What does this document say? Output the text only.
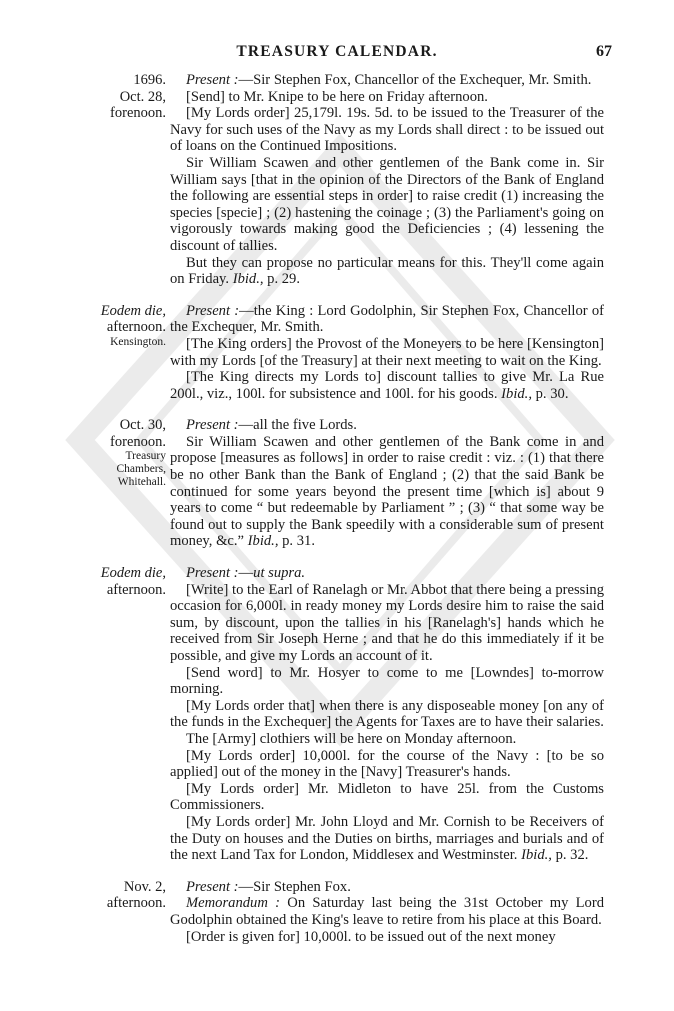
TREASURY CALENDAR.	67
1696.
Oct. 28,
forenoon.

Present :—Sir Stephen Fox, Chancellor of the Exchequer, Mr. Smith.

[Send] to Mr. Knipe to be here on Friday afternoon.

[My Lords order] 25,179l. 19s. 5d. to be issued to the Treasurer of the Navy for such uses of the Navy as my Lords shall direct : to be issued out of loans on the Continued Impositions.

Sir William Scawen and other gentlemen of the Bank come in. Sir William says [that in the opinion of the Directors of the Bank of England the following are essential steps in order] to raise credit (1) increasing the species [specie] ; (2) hastening the coinage ; (3) the Parliament's going on vigorously towards making good the Deficiencies ; (4) lessening the discount of tallies.

But they can propose no particular means for this. They'll come again on Friday. Ibid., p. 29.

Eodem die,
afternoon.
Kensington.

Present :—the King : Lord Godolphin, Sir Stephen Fox, Chancellor of the Exchequer, Mr. Smith.

[The King orders] the Provost of the Moneyers to be here [Kensington] with my Lords [of the Treasury] at their next meeting to wait on the King.

[The King directs my Lords to] discount tallies to give Mr. La Rue 200l., viz., 100l. for subsistence and 100l. for his goods. Ibid., p. 30.

Oct. 30,
forenoon.
Treasury
Chambers,
Whitehall.

Present :—all the five Lords.

Sir William Scawen and other gentlemen of the Bank come in and propose [measures as follows] in order to raise credit : viz. : (1) that there be no other Bank than the Bank of England ; (2) that the said Bank be continued for some years beyond the present time [which is] about 9 years to come “ but redeemable by Parliament ” ; (3) “ that some way be found out to supply the Bank speedily with a considerable sum of present money, &c.” Ibid., p. 31.

Eodem die,
afternoon.

Present :—ut supra.

[Write] to the Earl of Ranelagh or Mr. Abbot that there being a pressing occasion for 6,000l. in ready money my Lords desire him to raise the said sum, by discount, upon the tallies in his [Ranelagh's] hands which he received from Sir Joseph Herne ; and that he do this immediately if it be possible, and give my Lords an account of it.

[Send word] to Mr. Hosyer to come to me [Lowndes] to-morrow morning.

[My Lords order that] when there is any disposeable money [on any of the funds in the Exchequer] the Agents for Taxes are to have their salaries.

The [Army] clothiers will be here on Monday afternoon.

[My Lords order] 10,000l. for the course of the Navy : [to be so applied] out of the money in the [Navy] Treasurer's hands.

[My Lords order] Mr. Midleton to have 25l. from the Customs Commissioners.

[My Lords order] Mr. John Lloyd and Mr. Cornish to be Receivers of the Duty on houses and the Duties on births, marriages and burials and of the next Land Tax for London, Middlesex and Westminster. Ibid., p. 32.

Nov. 2,
afternoon.

Present :—Sir Stephen Fox.

Memorandum : On Saturday last being the 31st October my Lord Godolphin obtained the King's leave to retire from his place at this Board.

[Order is given for] 10,000l. to be issued out of the next money
